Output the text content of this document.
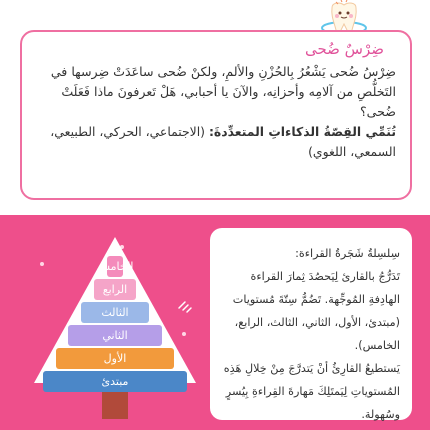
ضِرْسٌ ضُحى

ضِرْسُ ضُحى يَشْعُرُ بِالحُزْنِ والألمِ، ولكنْ ضُحى ساعَدَتْ ضِرسها في التَخلُّصِ من آلامِه وأحزانِه، والآنَ يا أحبابي، هَلْ تَعرفونَ ماذا فَعَلَتْ ضُحى؟

تُنَمِّي القِصّةُ الذكاءاتِ المتعدِّدةَ: (الاجتماعي، الحركي، الطبيعي، السمعي، اللغوي)

الخامس
الرابع
الثالث
الثاني
الأول
مبتدئ

سِلسِلةُ شَجَرةُ القراءة:

تَدَرُّجُ بالقارئ لِيَحصُدَ ثِمارَ القراءة الهادِفةِ المُوجِّهة. تَضُمُّ سِتّةَ مُستويات

(مبتدئ، الأول، الثاني، الثالث، الرابع، الخامس).

يَستطيعُ القارِئُ أنْ يَتدرَّجَ مِنْ خِلالِ هَذِه المُستوياتِ لِيَمتَلِكَ مَهارةَ القِراءةِ بِيُسرٍ وسُهولة.
